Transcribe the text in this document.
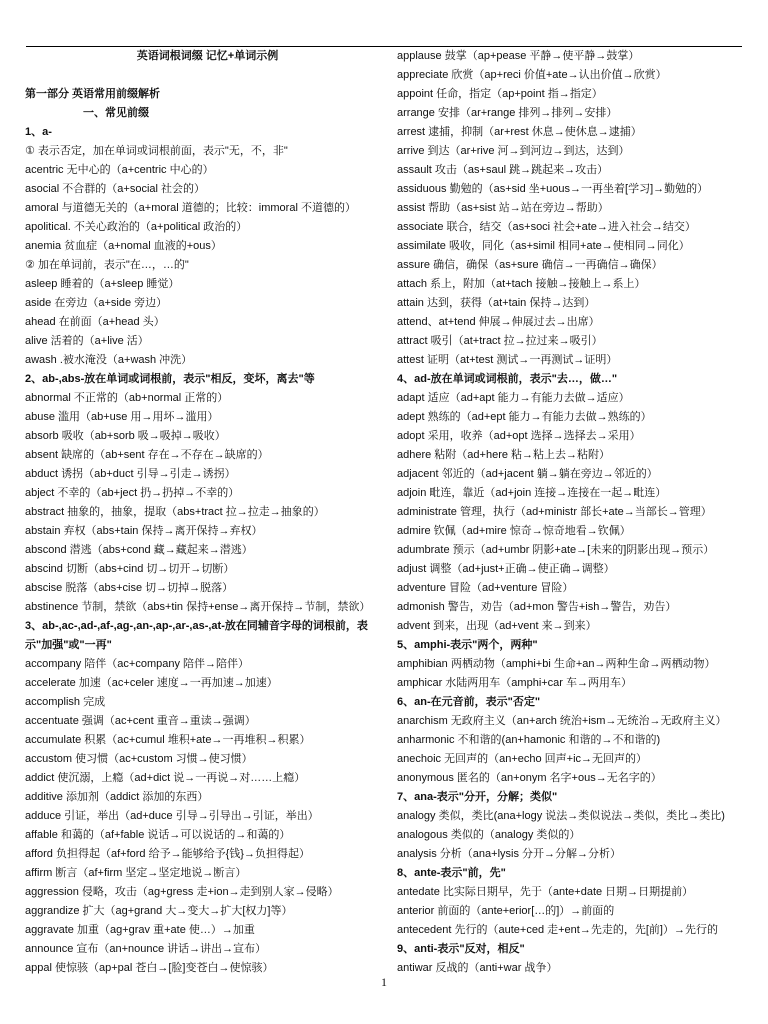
英语词根词缀 记忆+单词示例

第一部分 英语常用前缀解析
一、常见前缀
1、a-
① 表示否定，加在单词或词根前面，表示"无，不，非"
acentric 无中心的（a+centric 中心的）
asocial 不合群的（a+social 社会的）
amoral 与道德无关的（a+moral 道德的；比较：immoral 不道德的）
apolitical. 不关心政治的（a+political 政治的）
anemia 贫血症（a+nomal 血液的+ous）
② 加在单词前，表示"在…，…的"
asleep 睡着的（a+sleep 睡觉）
aside 在旁边（a+side 旁边）
ahead 在前面（a+head 头）
alive 活着的（a+live 活）
awash .被水淹没（a+wash 冲洗）
2、ab-,abs-放在单词或词根前，表示"相反，变坏，离去"等
abnormal 不正常的（ab+normal 正常的）
abuse 滥用（ab+use 用→用坏→滥用）
absorb 吸收（ab+sorb 吸→吸掉→吸收）
absent 缺席的（ab+sent 存在→不存在→缺席的）
abduct 诱拐（ab+duct 引导→引走→诱拐）
abject 不幸的（ab+ject 扔→扔掉→不幸的）
abstract 抽象的，抽象，提取（abs+tract 拉→拉走→抽象的）
abstain 弃权（abs+tain 保持→离开保持→弃权）
abscond 潜逃（abs+cond 藏→藏起来→潜逃）
abscind 切断（abs+cind 切→切开→切断）
abscise 脱落（abs+cise 切→切掉→脱落）
abstinence 节制，禁欲（abs+tin 保持+ense→离开保持→节制，禁欲）
3、ab-,ac-,ad-,af-,ag-,an-,ap-,ar-,as-,at-放在同辅音字母的词根前，表示"加强"或"一再"
accompany 陪伴（ac+company 陪伴→陪伴）
accelerate 加速（ac+celer 速度→一再加速→加速）
accomplish 完成
accentuate 强调（ac+cent 重音→重读→强调）
accumulate 积累（ac+cumul 堆积+ate→一再堆积→积累）
accustom 使习惯（ac+custom 习惯→使习惯）
addict 使沉溺，上瘾（ad+dict 说→一再说→对……上瘾）
additive 添加剂（addict 添加的东西）
adduce 引证，举出（ad+duce 引导→引导出→引证，举出）
affable 和蔼的（af+fable 说话→可以说话的→和蔼的）
afford 负担得起（af+ford 给予→能够给予{钱}→负担得起）
affirm 断言（af+firm 坚定→坚定地说→断言）
aggression 侵略，攻击（ag+gress 走+ion→走到别人家→侵略）
aggrandize 扩大（ag+grand 大→变大→扩大[权力]等）
aggravate 加重（ag+grav 重+ate 使…）→加重
announce 宣布（an+nounce 讲话→讲出→宣布）
appal 使惊骇（ap+pal 苍白→[脸]变苍白→使惊骇）
applause 鼓掌（ap+pease 平静→使平静→鼓掌）
appreciate 欣赏（ap+reci 价值+ate→认出价值→欣赏）
appoint 任命，指定（ap+point 指→指定）
arrange 安排（ar+range 排列→排列→安排）
arrest 逮捕，抑制（ar+rest 休息→使休息→逮捕）
arrive 到达（ar+rive 河→到河边→到达，达到）
assault 攻击（as+saul 跳→跳起来→攻击）
assiduous 勤勉的（as+sid 坐+uous→一再坐着[学习]→勤勉的）
assist 帮助（as+sist 站→站在旁边→帮助）
associate 联合，结交（as+soci 社会+ate→进入社会→结交）
assimilate 吸收，同化（as+simil 相同+ate→使相同→同化）
assure 确信，确保（as+sure 确信→一再确信→确保）
attach 系上，附加（at+tach 接触→接触上→系上）
attain 达到，获得（at+tain 保持→达到）
attend、at+tend 伸展→伸展过去→出席）
attract 吸引（at+tract 拉→拉过来→吸引）
attest 证明（at+test 测试→一再测试→证明）
4、ad-放在单词或词根前，表示"去…，做…"
adapt 适应（ad+apt 能力→有能力去做→适应）
adept 熟练的（ad+ept 能力→有能力去做→熟练的）
adopt 采用，收养（ad+opt 选择→选择去→采用）
adhere 粘附（ad+here 粘→粘上去→粘附）
adjacent 邻近的（ad+jacent 躺→躺在旁边→邻近的）
adjoin 毗连，靠近（ad+join 连接→连接在一起→毗连）
administrate 管理，执行（ad+ministr 部长+ate→当部长→管理）
admire 钦佩（ad+mire 惊奇→惊奇地看→钦佩）
adumbrate 预示（ad+umbr 阴影+ate→[未来的]阴影出现→预示）
adjust 调整（ad+just+正确→使正确→调整）
adventure 冒险（ad+venture 冒险）
admonish 警告，劝告（ad+mon 警告+ish→警告，劝告）
advent 到来，出现（ad+vent 来→到来）
5、amphi-表示"两个，两种"
amphibian 两栖动物（amphi+bi 生命+an→两种生命→两栖动物）
amphicar 水陆两用车（amphi+car 车→两用车）
6、an-在元音前，表示"否定"
anarchism 无政府主义（an+arch 统治+ism→无统治→无政府主义）
anharmonic 不和谐的(an+hamonic 和谐的→不和谐的)
anechoic 无回声的（an+echo 回声+ic→无回声的）
anonymous 匿名的（an+onym 名字+ous→无名字的）
7、ana-表示"分开，分解；类似"
analogy 类似，类比(ana+logy 说法→类似说法→类似，类比→类比)
analogous 类似的（analogy 类似的）
analysis 分析（ana+lysis 分开→分解→分析）
8、ante-表示"前，先"
antedate 比实际日期早，先于（ante+date 日期→日期提前）
anterior 前面的（ante+erior[…的]）→前面的
antecedent 先行的（aute+ced 走+ent→先走的，先[前]）→先行的
9、anti-表示"反对，相反"
antiwar 反战的（anti+war 战争）
1
